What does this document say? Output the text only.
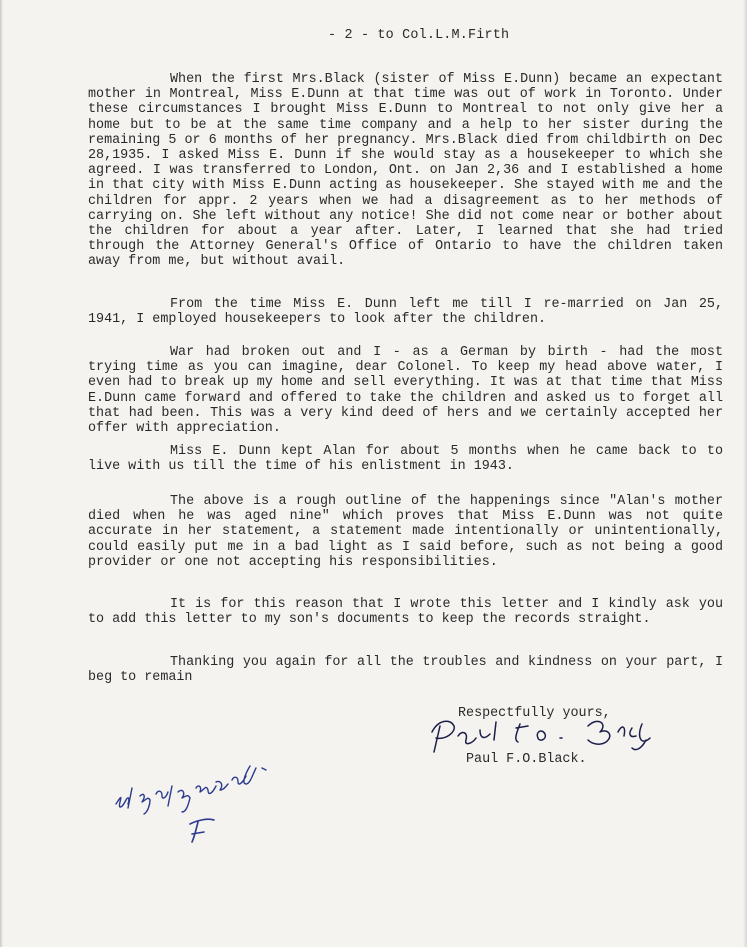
- 2 - to Col.L.M.Firth

When the first Mrs.Black (sister of Miss E.Dunn) became an expectant mother in Montreal, Miss E.Dunn at that time was out of work in Toronto. Under these circumstances I brought Miss E.Dunn to Montreal to not only give her a home but to be at the same time company and a help to her sister during the remaining 5 or 6 months of her pregnancy. Mrs.Black died from childbirth on Dec 28,1935. I asked Miss E. Dunn if she would stay as a housekeeper to which she agreed. I was transferred to London, Ont. on Jan 2,36 and I established a home in that city with Miss E.Dunn acting as housekeeper. She stayed with me and the children for appr. 2 years when we had a disagreement as to her methods of carrying on. She left without any notice! She did not come near or bother about the children for about a year after. Later, I learned that she had tried through the Attorney General's Office of Ontario to have the children taken away from me, but without avail.

From the time Miss E. Dunn left me till I re-married on Jan 25, 1941, I employed housekeepers to look after the children.

War had broken out and I - as a German by birth - had the most trying time as you can imagine, dear Colonel. To keep my head above water, I even had to break up my home and sell everything. It was at that time that Miss E.Dunn came forward and offered to take the children and asked us to forget all that had been. This was a very kind deed of hers and we certainly accepted her offer with appreciation.

Miss E. Dunn kept Alan for about 5 months when he came back to to live with us till the time of his enlistment in 1943.

The above is a rough outline of the happenings since "Alan's mother died when he was aged nine" which proves that Miss E.Dunn was not quite accurate in her statement, a statement made intentionally or unintentionally, could easily put me in a bad light as I said before, such as not being a good provider or one not accepting his responsibilities.

It is for this reason that I wrote this letter and I kindly ask you to add this letter to my son's documents to keep the records straight.

Thanking you again for all the troubles and kindness on your part, I beg to remain

Respectfully yours,
Paul F.O.Black.
